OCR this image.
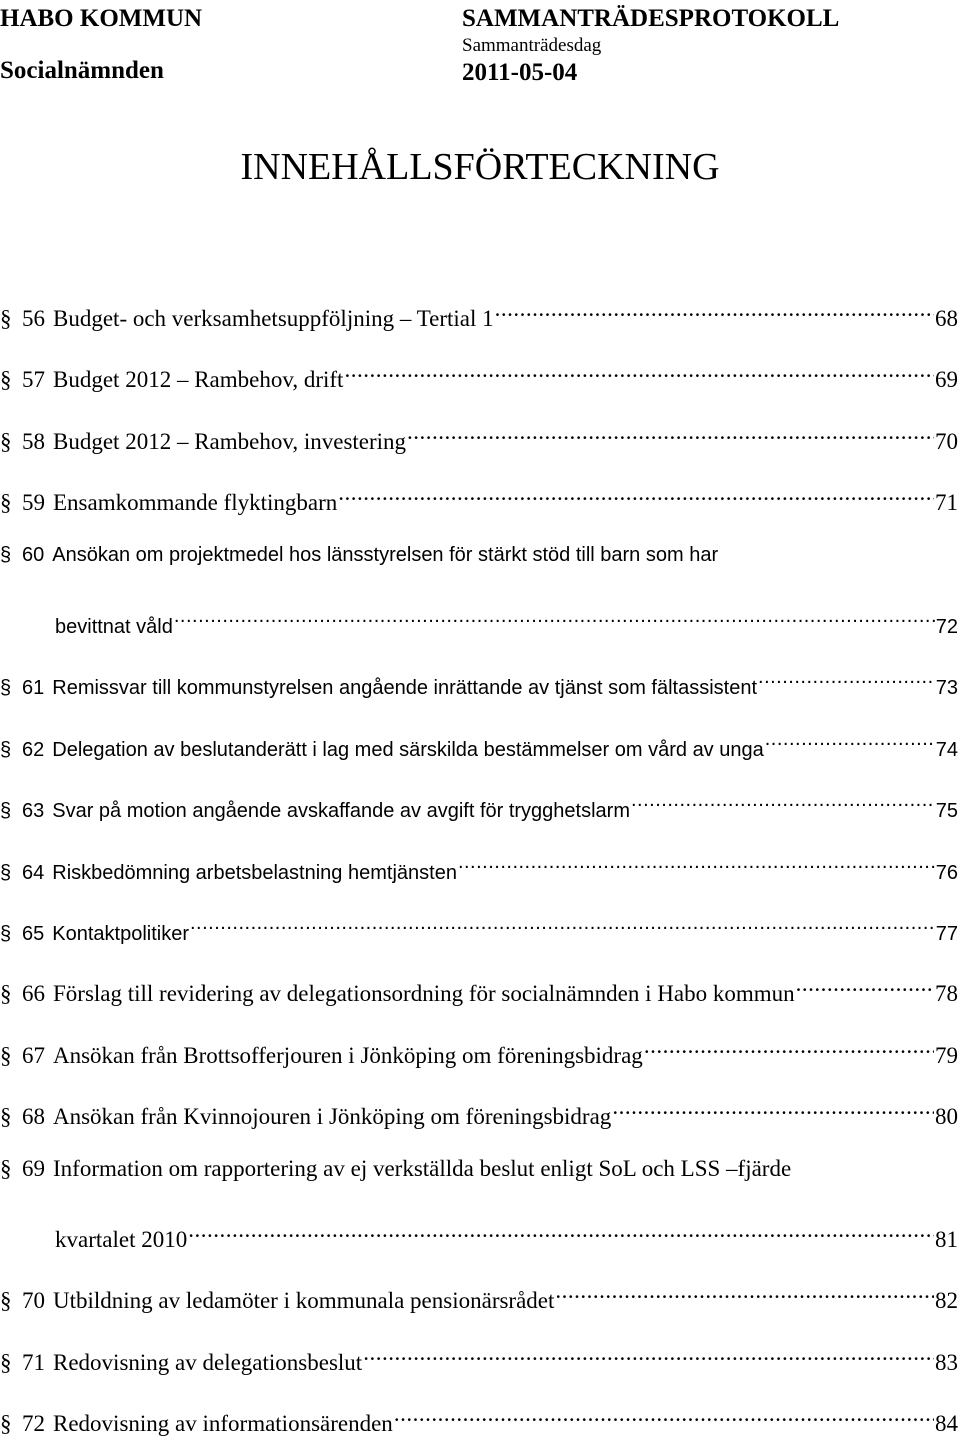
HABO KOMMUN
Socialnämnden
SAMMANTRÄDESPROTOKOLL
Sammanträdesdag
2011-05-04
INNEHÅLLSFÖRTECKNING
§ 56 Budget- och verksamhetsuppföljning – Tertial 1 .....	68
§ 57 Budget 2012 – Rambehov, drift .....	69
§ 58 Budget 2012 – Rambehov, investering .....	70
§ 59 Ensamkommande flyktingbarn .....	71
§ 60 Ansökan om projektmedel hos länsstyrelsen för stärkt stöd till barn som har
bevittnat våld .....	72
§ 61 Remissvar till kommunstyrelsen angående inrättande av tjänst som fältassistent .....	73
§ 62 Delegation av beslutanderätt i lag med särskilda bestämmelser om vård av unga .....	74
§ 63 Svar på motion angående avskaffande av avgift för trygghetslarm .....	75
§ 64 Riskbedömning arbetsbelastning hemtjänsten .....	76
§ 65 Kontaktpolitiker .....	77
§ 66 Förslag till revidering av delegationsordning för socialnämnden i Habo kommun .....	78
§ 67 Ansökan från Brottsofferjouren i Jönköping om föreningsbidrag .....	79
§ 68 Ansökan från Kvinnojouren i Jönköping om föreningsbidrag .....	80
§ 69 Information om rapportering av ej verkställda beslut enligt SoL och LSS –fjärde
kvartalet 2010 .....	81
§ 70 Utbildning av ledamöter i kommunala pensionärsrådet .....	82
§ 71 Redovisning av delegationsbeslut .....	83
§ 72 Redovisning av informationsärenden .....	84
